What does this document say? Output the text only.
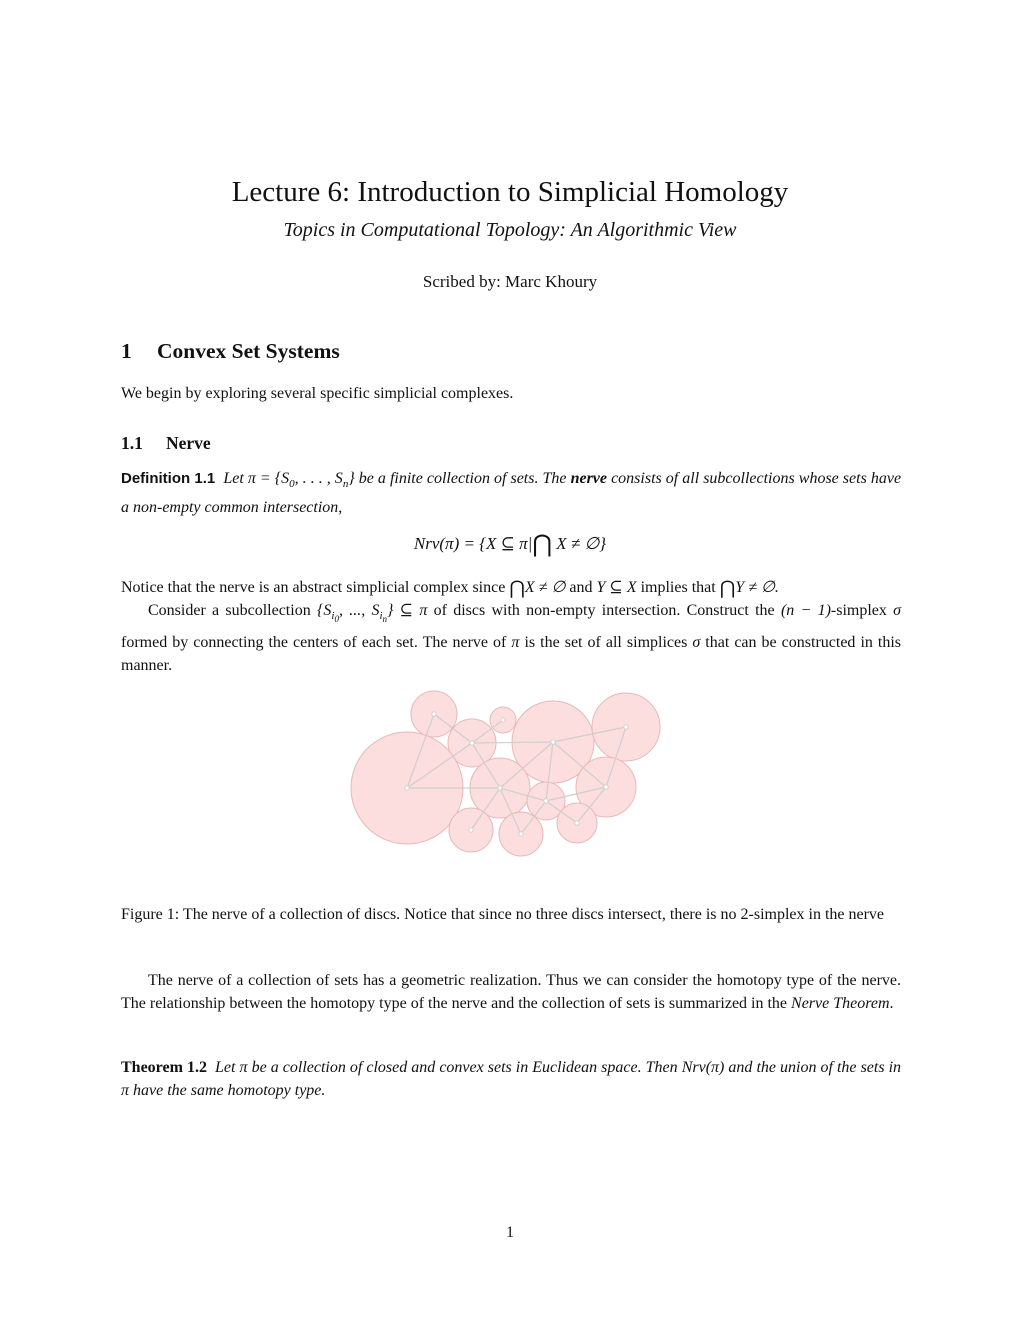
Lecture 6: Introduction to Simplicial Homology
Topics in Computational Topology: An Algorithmic View
Scribed by: Marc Khoury
1 Convex Set Systems
We begin by exploring several specific simplicial complexes.
1.1 Nerve
Definition 1.1 Let $\pi = \{S_0$, . . . , $S_n$} be a finite collection of sets. The nerve consists of all subcollections whose sets have a non-empty common intersection,
Nrv(π) = {X ⊆ π|⋂ X ≠ ∅}
Notice that the nerve is an abstract simplicial complex since ⋂X ≠ ∅ and Y ⊆ X implies that ⋂Y ≠ ∅.
Consider a subcollection {$S_{i_0}$, ..., $S_{i_n}$} ⊆ π of discs with non-empty intersection. Construct the (n − 1)-simplex σ formed by connecting the centers of each set. The nerve of π is the set of all simplices σ that can be constructed in this manner.
Figure 1: The nerve of a collection of discs. Notice that since no three discs intersect, there is no 2-simplex in the nerve
The nerve of a collection of sets has a geometric realization. Thus we can consider the homotopy type of the nerve. The relationship between the homotopy type of the nerve and the collection of sets is summarized in the Nerve Theorem.
Theorem 1.2 Let π be a collection of closed and convex sets in Euclidean space. Then Nrv(π) and the union of the sets in π have the same homotopy type.
1
